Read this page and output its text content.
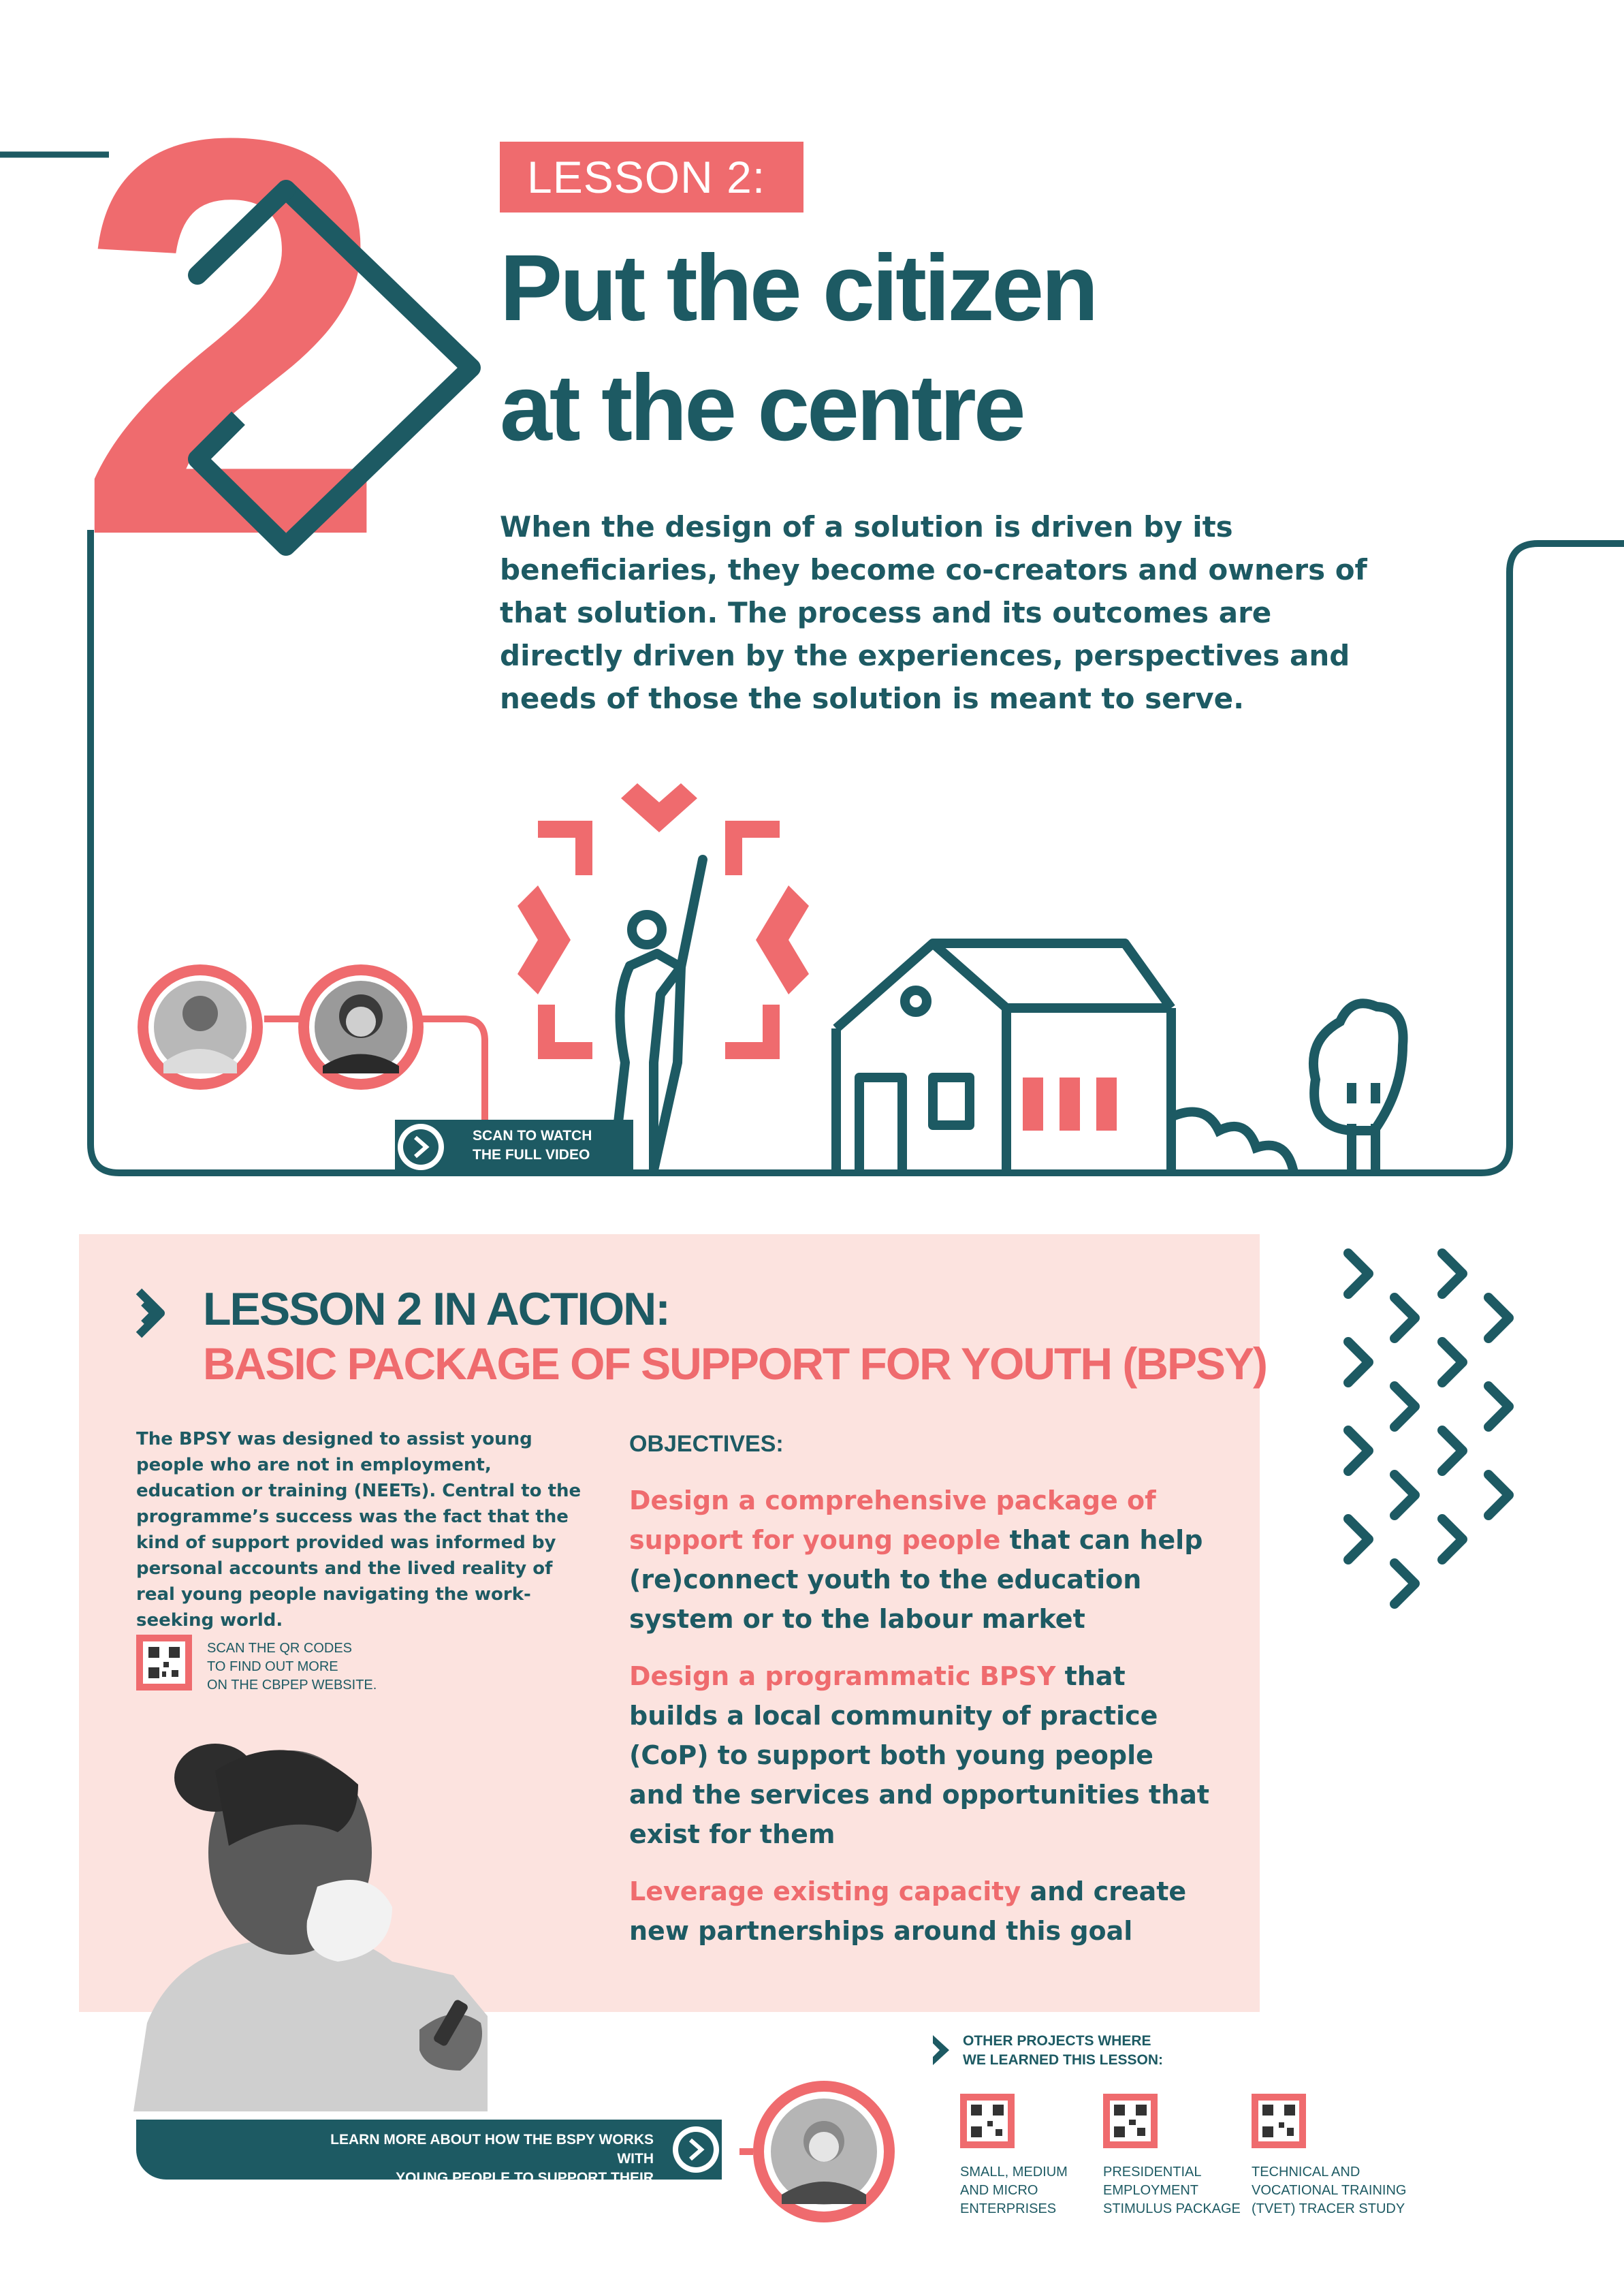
2	LESSON 2:
Put the citizen
at the centre
When the design of a solution is driven by its beneficiaries, they become co-creators and owners of that solution. The process and its outcomes are directly driven by the experiences, perspectives and needs of those the solution is meant to serve.
SCAN TO WATCH
THE FULL VIDEO
LESSON 2 IN ACTION:
BASIC PACKAGE OF SUPPORT FOR YOUTH (BPSY)
The BPSY was designed to assist young people who are not in employment, education or training (NEETs). Central to the programme’s success was the fact that the kind of support provided was informed by personal accounts and the lived reality of real young people navigating the work-seeking world.
SCAN THE QR CODES
TO FIND OUT MORE
ON THE CBPEP WEBSITE.
OBJECTIVES:
Design a comprehensive package of support for young people that can help (re)connect youth to the education system or to the labour market
Design a programmatic BPSY that builds a local community of practice (CoP) to support both young people and the services and opportunities that exist for them
Leverage existing capacity and create new partnerships around this goal
LEARN MORE ABOUT HOW THE BSPY WORKS WITH
YOUNG PEOPLE TO SUPPORT THEIR TRANSITIONS
OTHER PROJECTS WHERE
WE LEARNED THIS LESSON:
SMALL, MEDIUM
AND MICRO
ENTERPRISES
PRESIDENTIAL
EMPLOYMENT
STIMULUS PACKAGE
TECHNICAL AND
VOCATIONAL TRAINING
(TVET) TRACER STUDY
